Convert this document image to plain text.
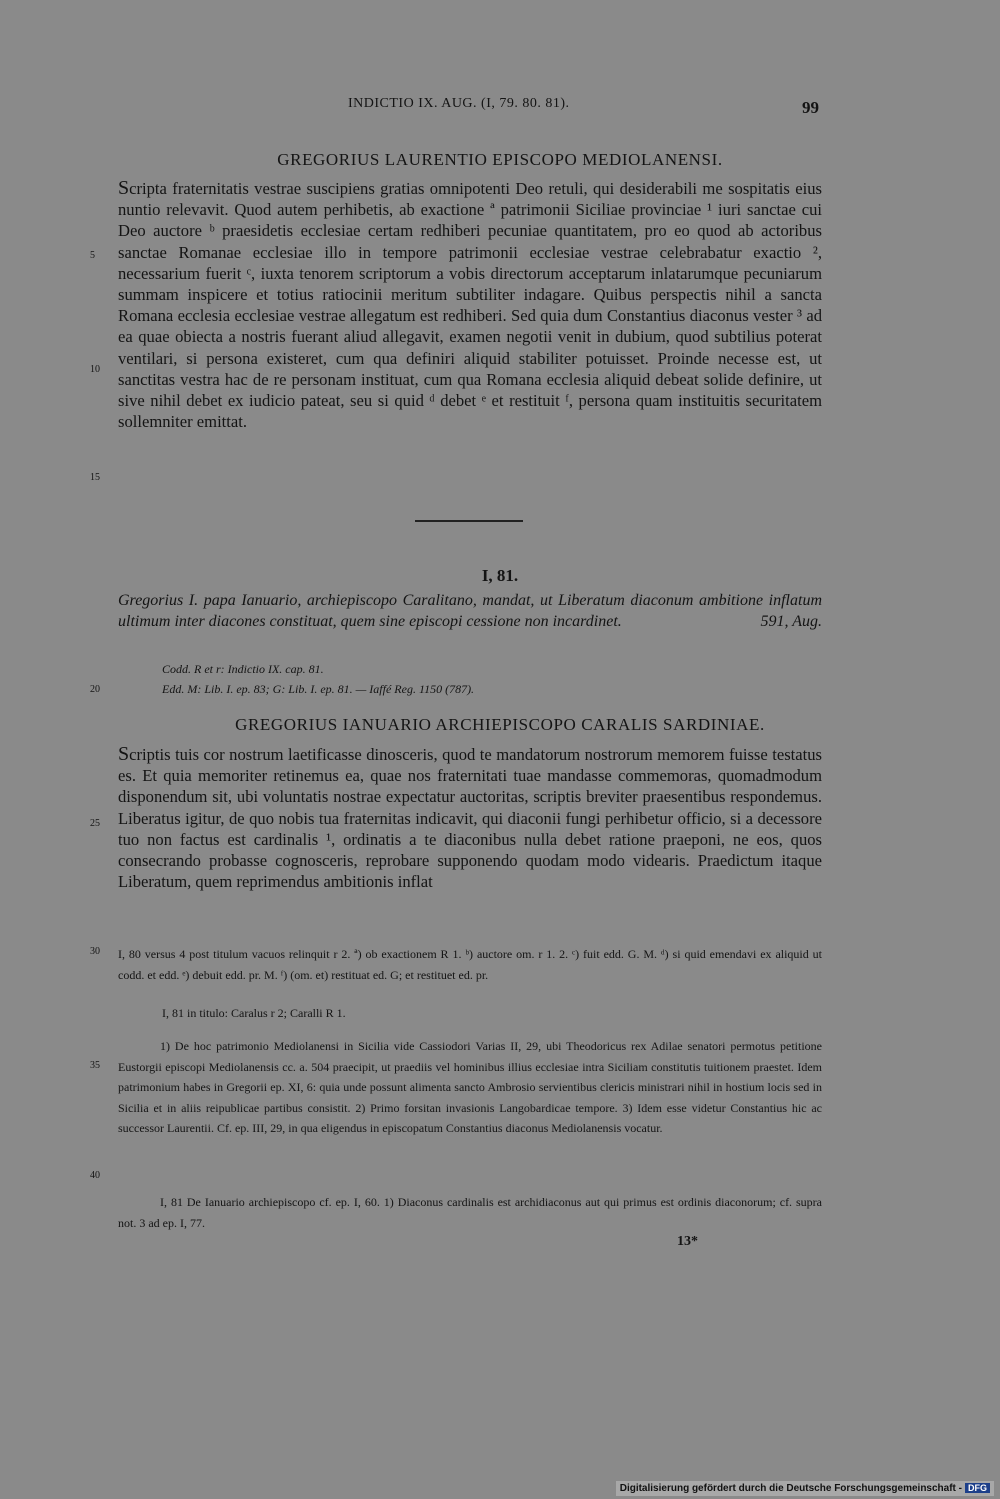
INDICTIO IX. AUG. (I, 79. 80. 81).	99
GREGORIUS LAURENTIO EPISCOPO MEDIOLANENSI.

Scripta fraternitatis vestrae suscipiens gratias omnipotenti Deo retuli, qui desiderabili me sospitatis eius nuntio relevavit. Quod autem perhibetis, ab exactione ª patrimonii Siciliae provinciae ¹ iuri sanctae cui Deo auctore ᵇ praesidetis ecclesiae certam redhiberi pecuniae quantitatem, pro eo quod ab actoribus sanctae Romanae ecclesiae illo in tempore patrimonii ecclesiae vestrae celebrabatur exactio ², necessarium fuerit ᶜ, iuxta tenorem scriptorum a vobis directorum acceptarum inlatarumque pecuniarum summam inspicere et totius ratiocinii meritum subtiliter indagare. Quibus perspectis nihil a sancta Romana ecclesia ecclesiae vestrae allegatum est redhiberi. Sed quia dum Constantius diaconus vester ³ ad ea quae obiecta a nostris fuerant aliud allegavit, examen negotii venit in dubium, quod subtilius poterat ventilari, si persona existeret, cum qua definiri aliquid stabiliter potuisset. Proinde necesse est, ut sanctitas vestra hac de re personam instituat, cum qua Romana ecclesia aliquid debeat solide definire, ut sive nihil debet ex iudicio pateat, seu si quid ᵈ debet ᵉ et restituit ᶠ, persona quam instituitis securitatem sollemniter emittat.

5
10
15
20
25
30
35
40
I, 81.
Gregorius I. papa Ianuario, archiepiscopo Caralitano, mandat, ut Liberatum diaconum ambitione inflatum ultimum inter diacones constituat, quem sine episcopi cessione non incardinet.	591, Aug.
Codd. R et r: Indictio IX. cap. 81.
Edd. M: Lib. I. ep. 83; G: Lib. I. ep. 81. — Iaffé Reg. 1150 (787).
GREGORIUS IANUARIO ARCHIEPISCOPO CARALIS SARDINIAE.

Scriptis tuis cor nostrum laetificasse dinosceris, quod te mandatorum nostrorum memorem fuisse testatus es. Et quia memoriter retinemus ea, quae nos fraternitati tuae mandasse commemoras, quomadmodum disponendum sit, ubi voluntatis nostrae expectatur auctoritas, scriptis breviter praesentibus respondemus. Liberatus igitur, de quo nobis tua fraternitas indicavit, qui diaconii fungi perhibetur officio, si a decessore tuo non factus est cardinalis ¹, ordinatis a te diaconibus nulla debet ratione praeponi, ne eos, quos consecrando probasse cognosceris, reprobare supponendo quodam modo videaris. Praedictum itaque Liberatum, quem reprimendus ambitionis inflat

I, 80 versus 4 post titulum vacuos relinquit r 2. ª) ob exactionem R 1. ᵇ) auctore om. r 1. 2. ᶜ) fuit edd. G. M. ᵈ) si quid emendavi ex aliquid ut codd. et edd. ᵉ) debuit edd. pr. M. ᶠ) (om. et) restituat ed. G; et restituet ed. pr.
I, 81 in titulo: Caralus r 2; Caralli R 1.
1) De hoc patrimonio Mediolanensi in Sicilia vide Cassiodori Varias II, 29, ubi Theodoricus rex Adilae senatori permotus petitione Eustorgii episcopi Mediolanensis cc. a. 504 praecipit, ut praediis vel hominibus illius ecclesiae intra Siciliam constitutis tuitionem praestet. Idem patrimonium habes in Gregorii ep. XI, 6: quia unde possunt alimenta sancto Ambrosio servientibus clericis ministrari nihil in hostium locis sed in Sicilia et in aliis reipublicae partibus consistit. 2) Primo forsitan invasionis Langobardicae tempore. 3) Idem esse videtur Constantius hic ac successor Laurentii. Cf. ep. III, 29, in qua eligendus in episcopatum Constantius diaconus Mediolanensis vocatur.
I, 81 De Ianuario archiepiscopo cf. ep. I, 60. 1) Diaconus cardinalis est archidiaconus aut qui primus est ordinis diaconorum; cf. supra not. 3 ad ep. I, 77.
13*
Digitalisierung gefördert durch die Deutsche Forschungsgemeinschaft - DFG
